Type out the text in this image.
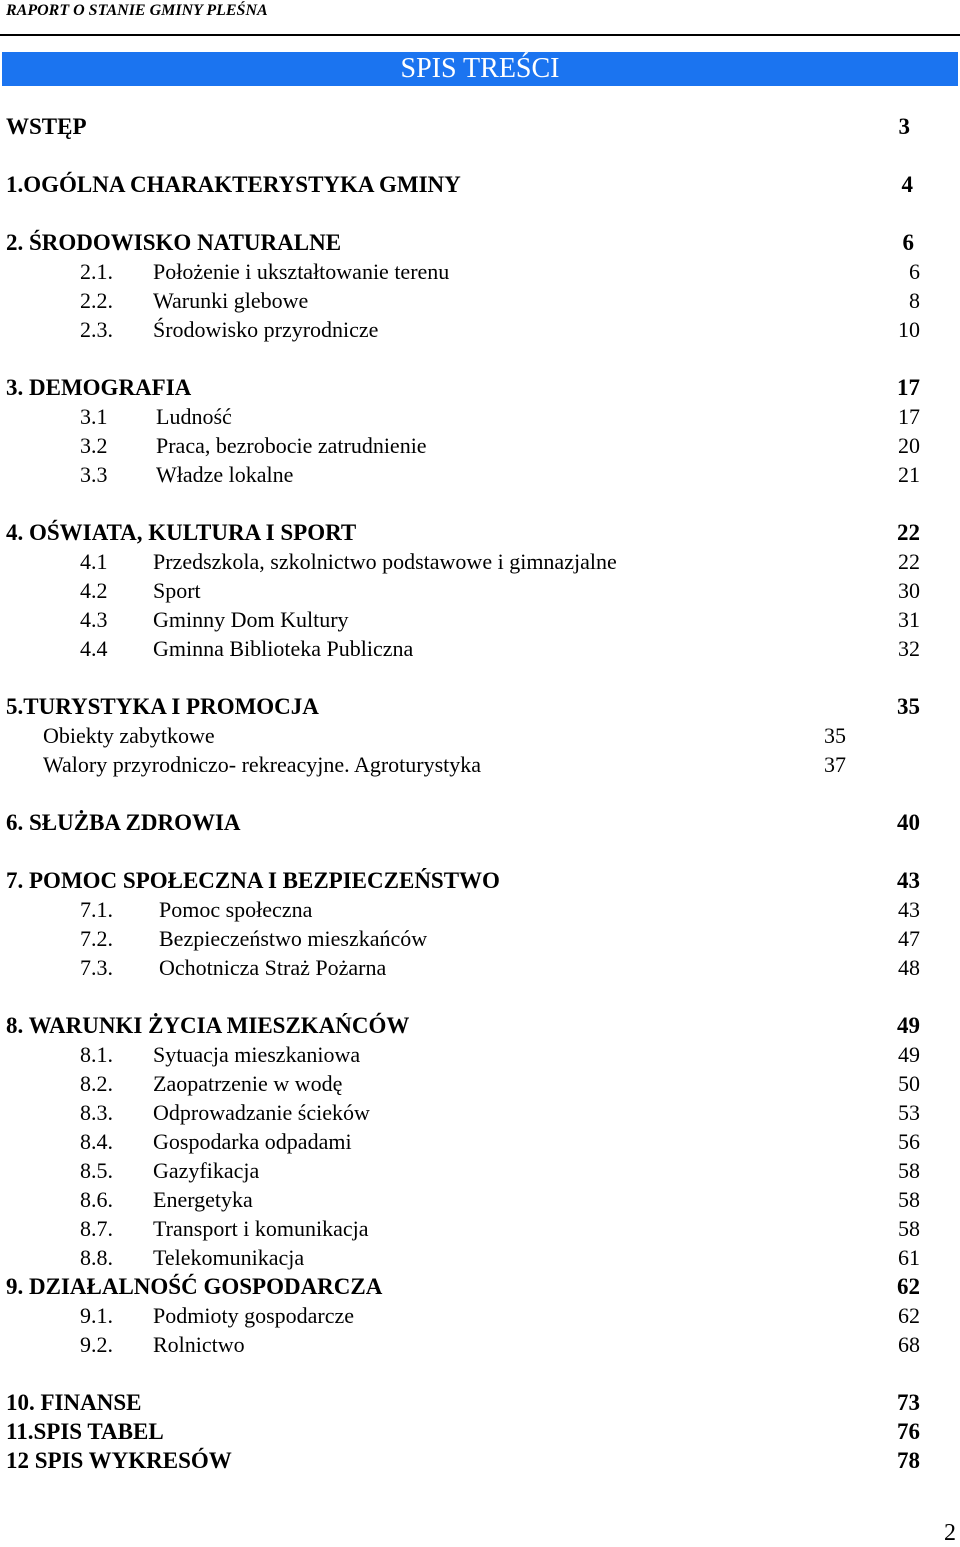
RAPORT O STANIE GMINY PLEŚNA
SPIS TREŚCI
WSTĘP	3
1.OGÓLNA CHARAKTERYSTYKA GMINY	4
2. ŚRODOWISKO NATURALNE	6
2.1. Położenie i ukształtowanie terenu	6
2.2. Warunki glebowe	8
2.3. Środowisko przyrodnicze	10
3. DEMOGRAFIA	17
3.1 Ludność	17
3.2 Praca, bezrobocie zatrudnienie	20
3.3 Władze lokalne	21
4. OŚWIATA, KULTURA I SPORT	22
4.1 Przedszkola, szkolnictwo podstawowe i gimnazjalne	22
4.2 Sport	30
4.3 Gminny Dom Kultury	31
4.4 Gminna Biblioteka Publiczna	32
5.TURYSTYKA I PROMOCJA	35
Obiekty zabytkowe	35
Walory przyrodniczo- rekreacyjne. Agroturystyka	37
6. SŁUŻBA ZDROWIA	40
7. POMOC SPOŁECZNA I BEZPIECZEŃSTWO	43
7.1. Pomoc społeczna	43
7.2. Bezpieczeństwo mieszkańców	47
7.3. Ochotnicza Straż Pożarna	48
8. WARUNKI ŻYCIA MIESZKAŃCÓW	49
8.1. Sytuacja mieszkaniowa	49
8.2. Zaopatrzenie w wodę	50
8.3. Odprowadzanie ścieków	53
8.4. Gospodarka odpadami	56
8.5. Gazyfikacja	58
8.6. Energetyka	58
8.7. Transport i komunikacja	58
8.8. Telekomunikacja	61
9. DZIAŁALNOŚĆ GOSPODARCZA	62
9.1. Podmioty gospodarcze	62
9.2. Rolnictwo	68
10. FINANSE	73
11.SPIS TABEL	76
12 SPIS WYKRESÓW	78
2
